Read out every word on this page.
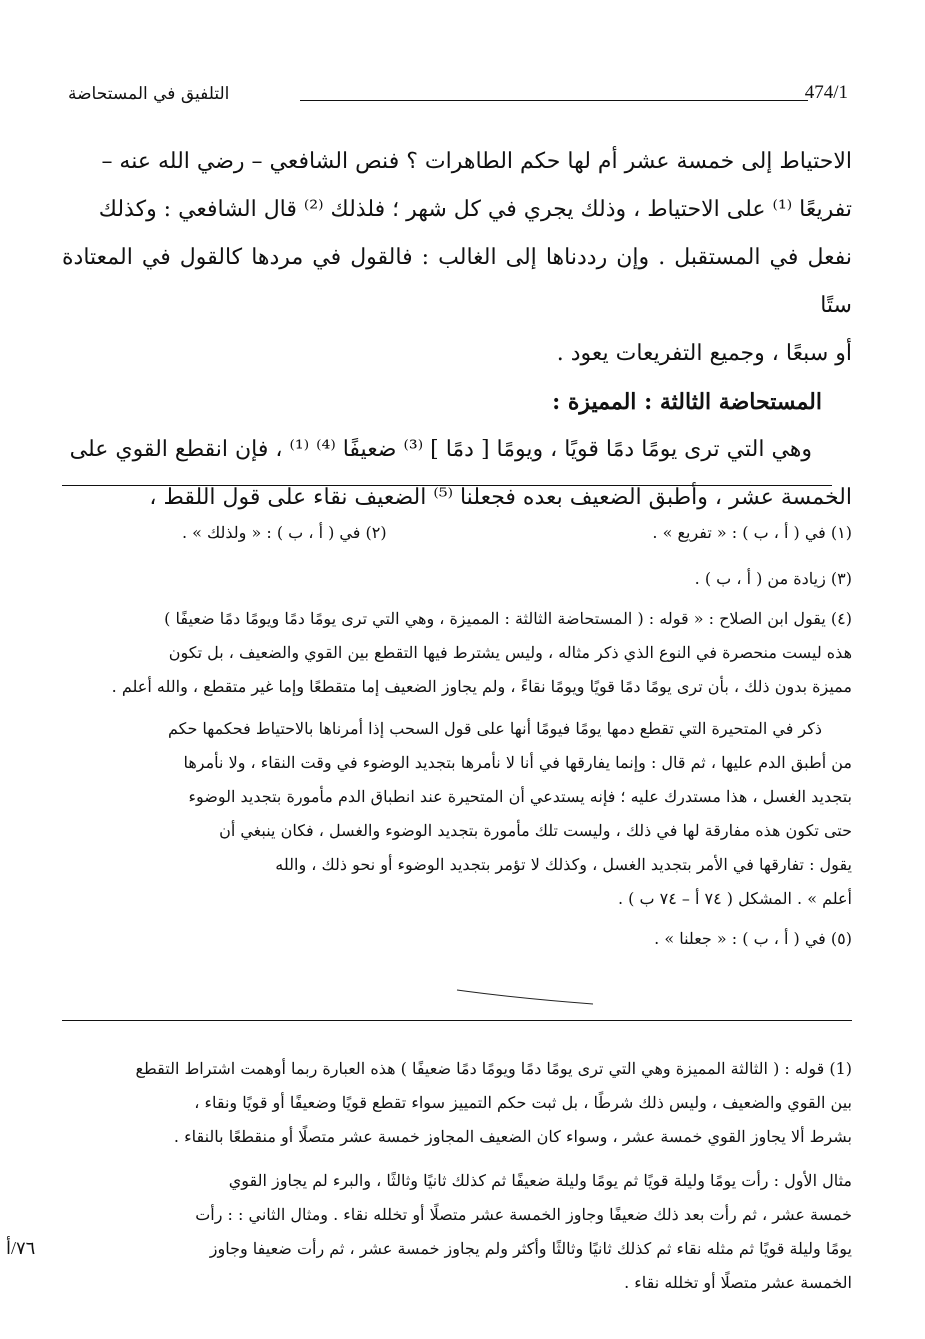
التلفيق في المستحاضة	474/1

الاحتياط إلى خمسة عشر أم لها حكم الطاهرات ؟ فنص الشافعي – رضي الله عنه –

تفريعًا ⁽¹⁾ على الاحتياط ، وذلك يجري في كل شهر ؛ فلذلك ⁽²⁾ قال الشافعي : وكذلك

نفعل في المستقبل . وإن رددناها إلى الغالب : فالقول في مردها كالقول في المعتادة ستًا

أو سبعًا ، وجميع التفريعات يعود .

المستحاضة الثالثة : المميزة :

وهي التي ترى يومًا دمًا قويًا ، ويومًا [ دمًا ] ⁽³⁾ ضعيفًا ⁽⁴⁾ ⁽¹⁾ ، فإن انقطع القوي على

الخمسة عشر ، وأطبق الضعيف بعده فجعلنا ⁽⁵⁾ الضعيف نقاء على قول اللقط ،

(١) في ( أ ، ب ) : « تفريع » .
(٢) في ( أ ، ب ) : « ولذلك » .

(٣) زيادة من ( أ ، ب ) .

(٤) يقول ابن الصلاح : « قوله : ( المستحاضة الثالثة : المميزة ، وهي التي ترى يومًا دمًا ويومًا دمًا ضعيفًا )

هذه ليست منحصرة في النوع الذي ذكر مثاله ، وليس يشترط فيها التقطع بين القوي والضعيف ، بل تكون

مميزة بدون ذلك ، بأن ترى يومًا دمًا قويًا ويومًا نقاءً ، ولم يجاوز الضعيف إما متقطعًا وإما غير متقطع ، والله أعلم .

ذكر في المتحيرة التي تقطع دمها يومًا فيومًا أنها على قول السحب إذا أمرناها بالاحتياط فحكمها حكم

من أطبق الدم عليها ، ثم قال : وإنما يفارقها في أنا لا نأمرها بتجديد الوضوء في وقت النقاء ، ولا نأمرها

بتجديد الغسل ، هذا مستدرك عليه ؛ فإنه يستدعي أن المتحيرة عند انطباق الدم مأمورة بتجديد الوضوء

حتى تكون هذه مفارقة لها في ذلك ، وليست تلك مأمورة بتجديد الوضوء والغسل ، فكان ينبغي أن

يقول : تفارقها في الأمر بتجديد الغسل ، وكذلك لا تؤمر بتجديد الوضوء أو نحو ذلك ، والله

أعلم » . المشكل ( ٧٤ أ – ٧٤ ب ) .

(٥) في ( أ ، ب ) : « جعلنا » .

(1) قوله : ( الثالثة المميزة وهي التي ترى يومًا دمًا ويومًا دمًا ضعيفًا ) هذه العبارة ربما أوهمت اشتراط التقطع

بين القوي والضعيف ، وليس ذلك شرطًا ، بل ثبت حكم التمييز سواء تقطع قويًا وضعيفًا أو قويًا ونقاء ،

بشرط ألا يجاوز القوي خمسة عشر ، وسواء كان الضعيف المجاوز خمسة عشر متصلًا أو منقطعًا بالنقاء .

مثال الأول : رأت يومًا وليلة قويًا ثم يومًا وليلة ضعيفًا ثم كذلك ثانيًا وثالثًا ، والبرء لم يجاوز القوي

خمسة عشر ، ثم رأت بعد ذلك ضعيفًا وجاوز الخمسة عشر متصلًا أو تخلله نقاء . ومثال الثاني : : رأت

يومًا وليلة قويًا ثم مثله نقاء ثم كذلك ثانيًا وثالثًا وأكثر ولم يجاوز خمسة عشر ، ثم رأت ضعيفا وجاوز

الخمسة عشر متصلًا أو تخلله نقاء .

٧٦/أ
